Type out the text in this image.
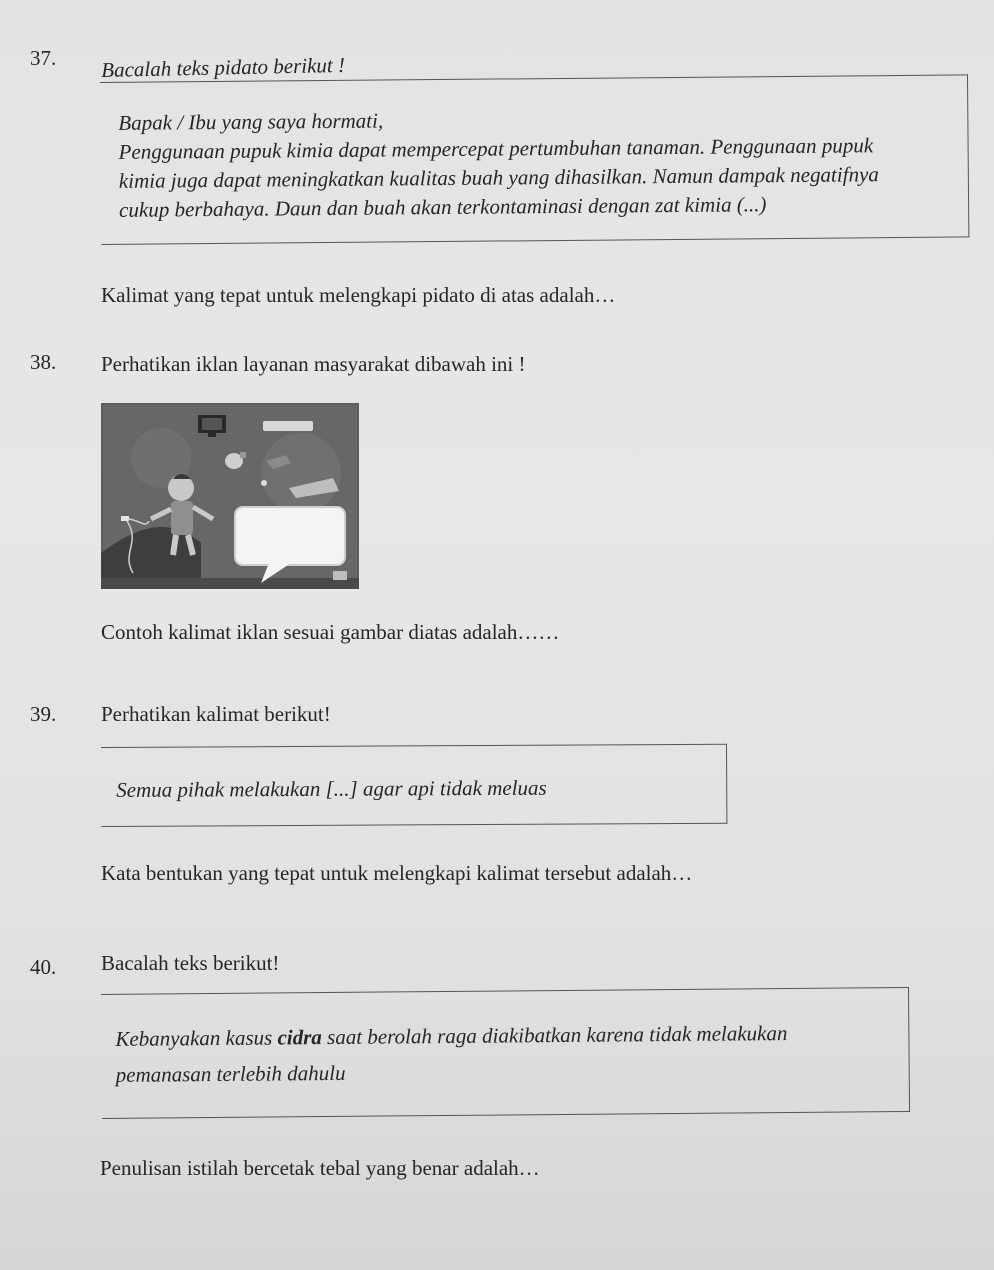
37. Bacalah teks pidato berikut !

Bapak / Ibu yang saya hormati,

Penggunaan pupuk kimia dapat mempercepat pertumbuhan tanaman. Penggunaan pupuk

kimia juga dapat meningkatkan kualitas buah yang dihasilkan. Namun dampak negatifnya

cukup berbahaya. Daun dan buah akan terkontaminasi dengan zat kimia (...)

Kalimat yang tepat untuk melengkapi pidato di atas adalah…
38. Perhatikan iklan layanan masyarakat dibawah ini !
Contoh kalimat iklan sesuai gambar diatas adalah……
39. Perhatikan kalimat berikut!

Semua pihak melakukan [...] agar api tidak meluas

Kata bentukan yang tepat untuk melengkapi kalimat tersebut adalah…
40. Bacalah teks berikut!

Kebanyakan kasus cidra saat berolah raga diakibatkan karena tidak melakukan

pemanasan terlebih dahulu

Penulisan istilah bercetak tebal yang benar adalah…
